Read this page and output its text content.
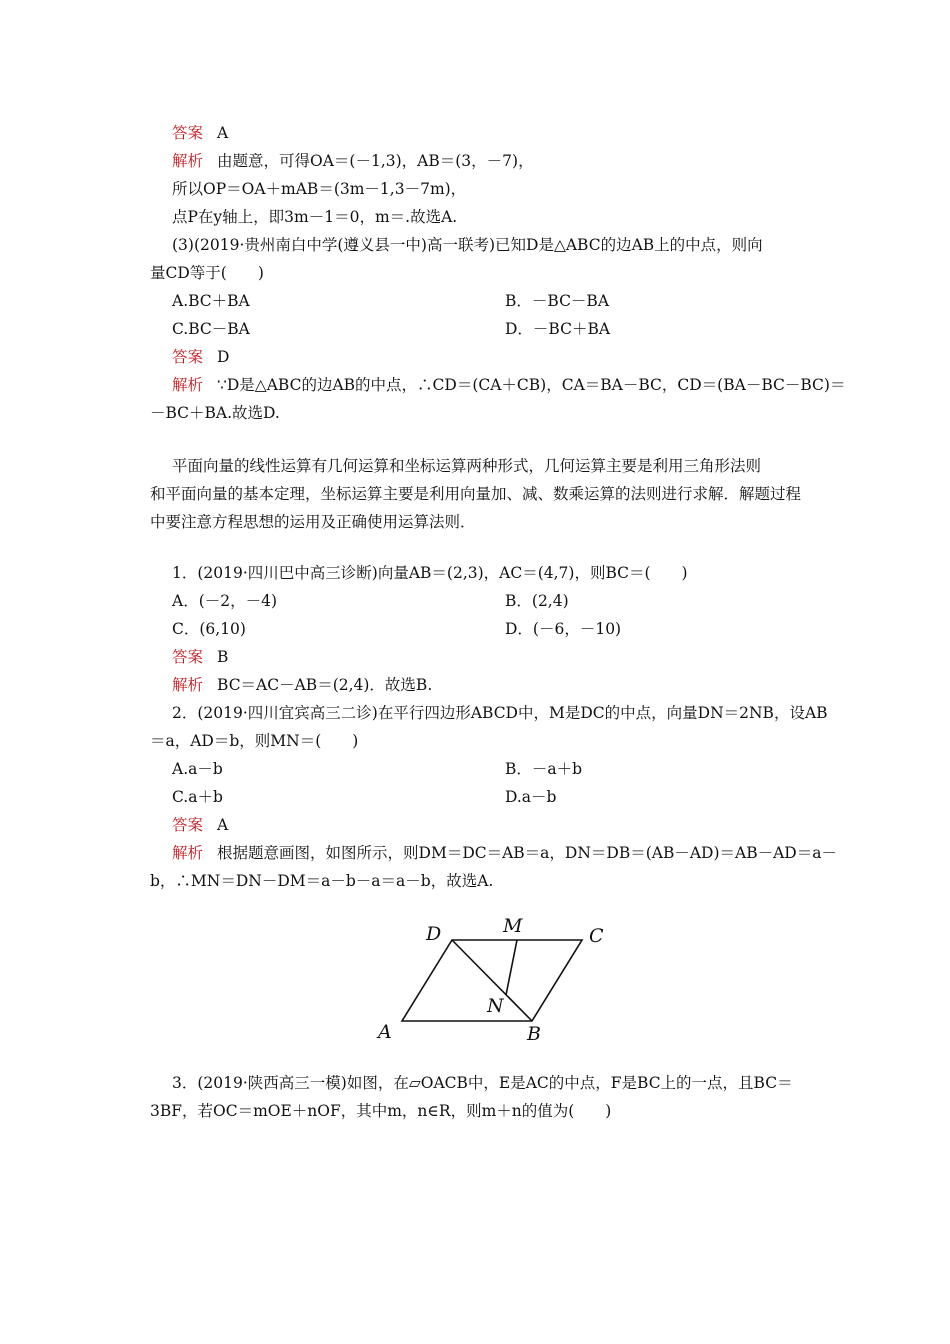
答案 A
解析 由题意，可得OA＝(－1,3)，AB＝(3，－7)，
所以OP＝OA＋mAB＝(3m－1,3－7m)，
点P在y轴上，即3m－1＝0，m＝.故选A.
(3)(2019·贵州南白中学(遵义县一中)高一联考)已知D是△ABC的边AB上的中点，则向
量CD等于(　　)
A.BC＋BA	B．－BC－BA
C.BC－BA	D．－BC＋BA
答案 D
解析 ∵D是△ABC的边AB的中点，∴CD＝(CA＋CB)，CA＝BA－BC，CD＝(BA－BC－BC)＝
－BC＋BA.故选D.
平面向量的线性运算有几何运算和坐标运算两种形式，几何运算主要是利用三角形法则
和平面向量的基本定理，坐标运算主要是利用向量加、减、数乘运算的法则进行求解．解题过程
中要注意方程思想的运用及正确使用运算法则．
1．(2019·四川巴中高三诊断)向量AB＝(2,3)，AC＝(4,7)，则BC＝(　　)
A．(－2，－4)	B．(2,4)
C．(6,10)	D．(－6，－10)
答案 B
解析 BC＝AC－AB＝(2,4)．故选B.
2．(2019·四川宜宾高三二诊)在平行四边形ABCD中，M是DC的中点，向量DN＝2NB，设AB
＝a，AD＝b，则MN＝(　　)
A.a－b	B．－a＋b
C.a＋b	D.a－b
答案 A
解析 根据题意画图，如图所示，则DM＝DC＝AB＝a，DN＝DB＝(AB－AD)＝AB－AD＝a－
b，∴MN＝DN－DM＝a－b－a＝a－b，故选A.
D	M	C
N
A	B
3．(2019·陕西高三一模)如图，在▱OACB中，E是AC的中点，F是BC上的一点，且BC＝
3BF，若OC＝mOE＋nOF，其中m，n∈R，则m＋n的值为(　　)
